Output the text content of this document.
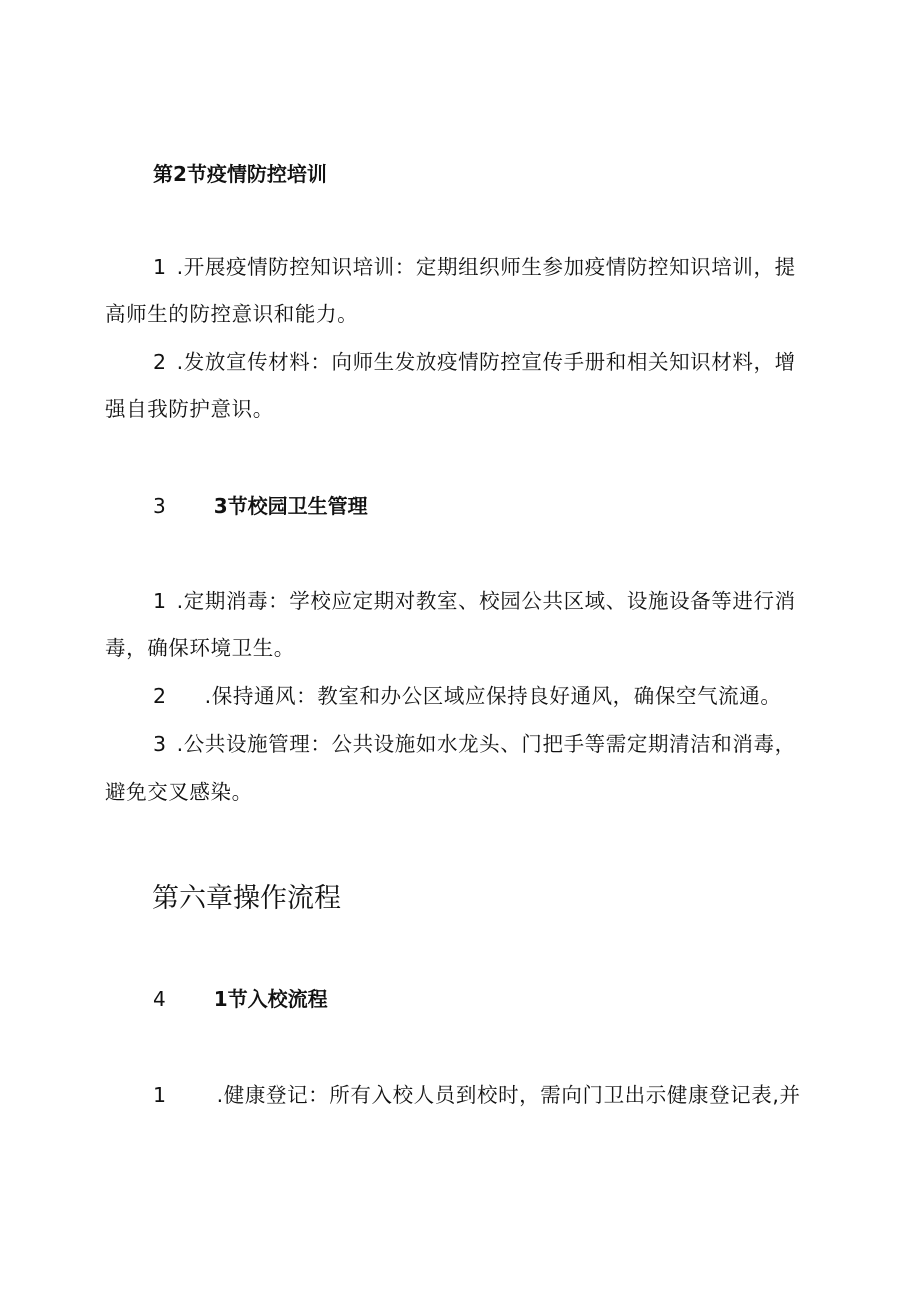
第2节疫情防控培训
1 .开展疫情防控知识培训：定期组织师生参加疫情防控知识培训，提
高师生的防控意识和能力。
2 .发放宣传材料：向师生发放疫情防控宣传手册和相关知识材料，增
强自我防护意识。
3 3节校园卫生管理
1 .定期消毒：学校应定期对教室、校园公共区域、设施设备等进行消
毒，确保环境卫生。
2 .保持通风：教室和办公区域应保持良好通风，确保空气流通。
3 .公共设施管理：公共设施如水龙头、门把手等需定期清洁和消毒，
避免交叉感染。
第六章操作流程
4 1节入校流程
1 .健康登记：所有入校人员到校时，需向门卫出示健康登记表,并
